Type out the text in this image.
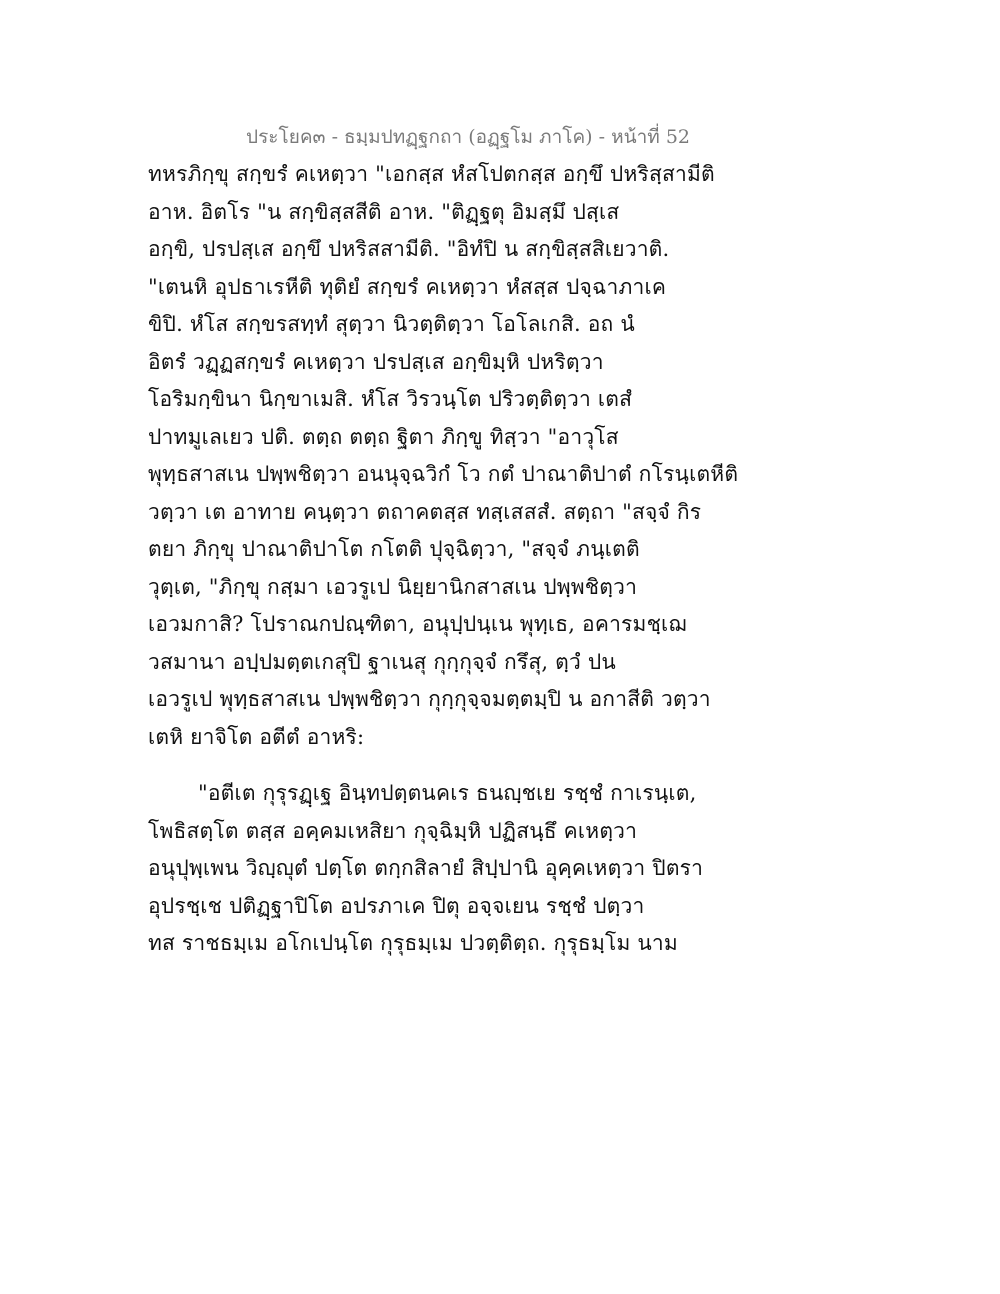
ประโยค๓ - ธมฺมปทฏฺฐกถา (อฏฺฐโม ภาโค) - หน้าที่ 52
ทหรภิกฺขุ สกฺขรํ คเหตฺวา "เอกสฺส หํสโปตกสฺส อกฺขึ ปหริสฺสามีติ
อาห. อิตโร "น สกฺขิสฺสสีติ อาห. "ติฏฺฐตุ อิมสฺมึ ปสฺเส
อกฺขิ, ปรปสฺเส อกฺขึ ปหริสสามีติ. "อิทํปิ น สกฺขิสฺสสิเยวาติ.
"เตนหิ อุปธาเรหีติ ทุติยํ สกฺขรํ คเหตฺวา หํสสฺส ปจฺฉาภาเค
ขิปิ. หํโส สกฺขรสทฺทํ สุตฺวา นิวตฺติตฺวา โอโลเกสิ. อถ นํ
อิตรํ วฏฺฏสกฺขรํ คเหตฺวา ปรปสฺเส อกฺขิมฺหิ ปหริตฺวา
โอริมกฺขินา นิกฺขาเมสิ. หํโส วิรวนฺโต ปริวตฺติตฺวา เตสํ
ปาทมูเลเยว ปติ. ตตฺถ ตตฺถ ฐิตา ภิกฺขู ทิสฺวา "อาวุโส
พุทฺธสาสเน ปพฺพชิตฺวา อนนุจฺฉวิกํ โว กตํ ปาณาติปาตํ กโรนฺเตหีติ
วตฺวา เต อาทาย คนฺตฺวา ตถาคตสฺส ทสฺเสสสํ. สตฺถา "สจฺจํ กิร
ตยา ภิกฺขุ ปาณาติปาโต กโตติ ปุจฺฉิตฺวา, "สจฺจํ ภนฺเตติ
วุตฺเต, "ภิกฺขุ กสฺมา เอวรูเป นิยฺยานิกสาสเน ปพฺพชิตฺวา
เอวมกาสิ? โปราณกปณฺฑิตา, อนุปฺปนฺเน พุทฺเธ, อคารมชฺเฌ
วสมานา อปฺปมตฺตเกสุปิ ฐาเนสุ กุกฺกุจฺจํ กรึสุ, ตฺวํ ปน
เอวรูเป พุทฺธสาสเน ปพฺพชิตฺวา กุกฺกุจฺจมตฺตมฺปิ น อกาสีติ วตฺวา
เตหิ ยาจิโต อตีตํ อาหริ:
"อตีเต กุรุรฏฺเฐ อินฺทปตฺตนคเร ธนญฺชเย รชฺชํ กาเรนฺเต,
โพธิสตฺโต ตสฺส อคฺคมเหสิยา กุจฺฉิมฺหิ ปฏิสนฺธึ คเหตฺวา
อนุปุพฺเพน วิญฺญุตํ ปตฺโต ตกฺกสิลายํ สิปฺปานิ อุคฺคเหตฺวา ปิตรา
อุปรชฺเช ปติฏฺฐาปิโต อปรภาเค ปิตุ อจฺจเยน รชฺชํ ปตฺวา
ทส ราชธมฺเม อโกเปนฺโต กุรุธมฺเม ปวตฺติตฺถ. กุรุธมฺโม นาม
